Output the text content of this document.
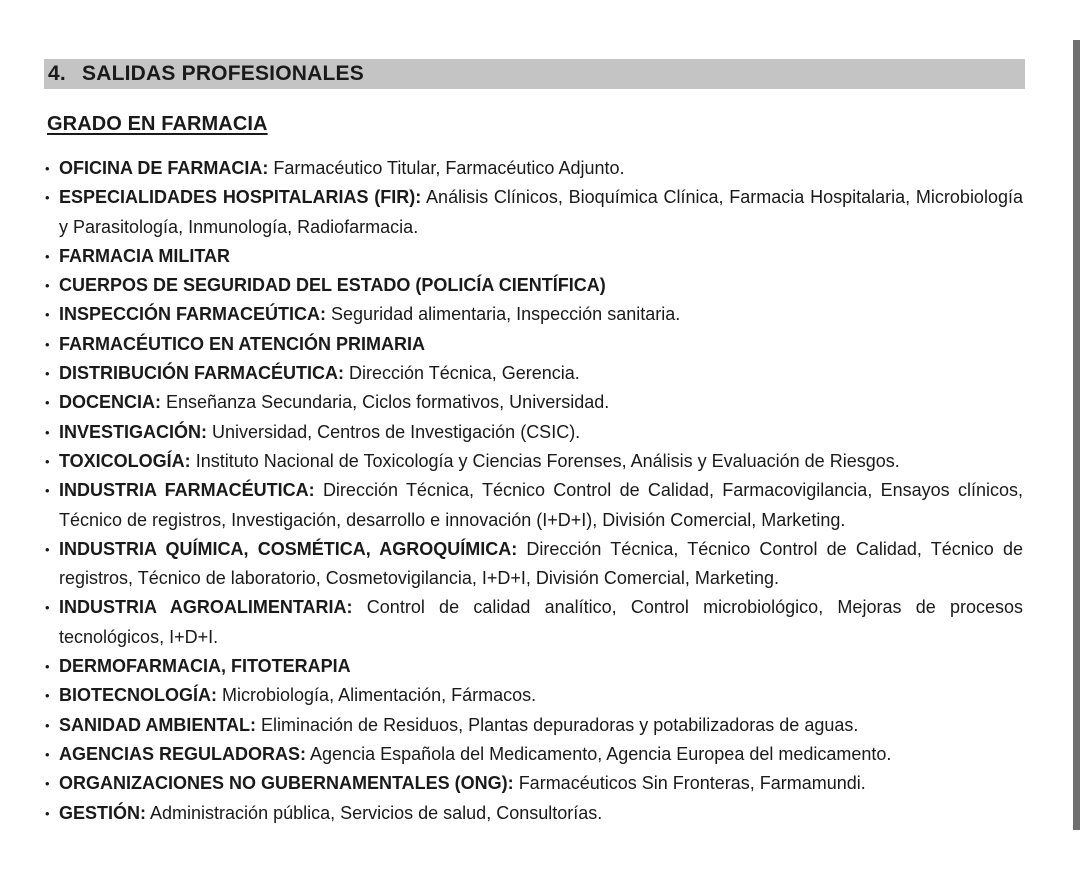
4. SALIDAS PROFESIONALES
GRADO EN FARMACIA
• OFICINA DE FARMACIA: Farmacéutico Titular, Farmacéutico Adjunto.
• ESPECIALIDADES HOSPITALARIAS (FIR): Análisis Clínicos, Bioquímica Clínica, Farmacia Hospitalaria, Microbiología y Parasitología, Inmunología, Radiofarmacia.
• FARMACIA MILITAR
• CUERPOS DE SEGURIDAD DEL ESTADO (POLICÍA CIENTÍFICA)
• INSPECCIÓN FARMACEÚTICA: Seguridad alimentaria, Inspección sanitaria.
• FARMACÉUTICO EN ATENCIÓN PRIMARIA
• DISTRIBUCIÓN FARMACÉUTICA: Dirección Técnica, Gerencia.
• DOCENCIA: Enseñanza Secundaria, Ciclos formativos, Universidad.
• INVESTIGACIÓN: Universidad, Centros de Investigación (CSIC).
• TOXICOLOGÍA: Instituto Nacional de Toxicología y Ciencias Forenses, Análisis y Evaluación de Riesgos.
• INDUSTRIA FARMACÉUTICA: Dirección Técnica, Técnico Control de Calidad, Farmacovigilancia, Ensayos clínicos, Técnico de registros, Investigación, desarrollo e innovación (I+D+I), División Comercial, Marketing.
• INDUSTRIA QUÍMICA, COSMÉTICA, AGROQUÍMICA: Dirección Técnica, Técnico Control de Calidad, Técnico de registros, Técnico de laboratorio, Cosmetovigilancia, I+D+I, División Comercial, Marketing.
• INDUSTRIA AGROALIMENTARIA: Control de calidad analítico, Control microbiológico, Mejoras de procesos tecnológicos, I+D+I.
• DERMOFARMACIA, FITOTERAPIA
• BIOTECNOLOGÍA: Microbiología, Alimentación, Fármacos.
• SANIDAD AMBIENTAL: Eliminación de Residuos, Plantas depuradoras y potabilizadoras de aguas.
• AGENCIAS REGULADORAS: Agencia Española del Medicamento, Agencia Europea del medicamento.
• ORGANIZACIONES NO GUBERNAMENTALES (ONG): Farmacéuticos Sin Fronteras, Farmamundi.
• GESTIÓN: Administración pública, Servicios de salud, Consultorías.
